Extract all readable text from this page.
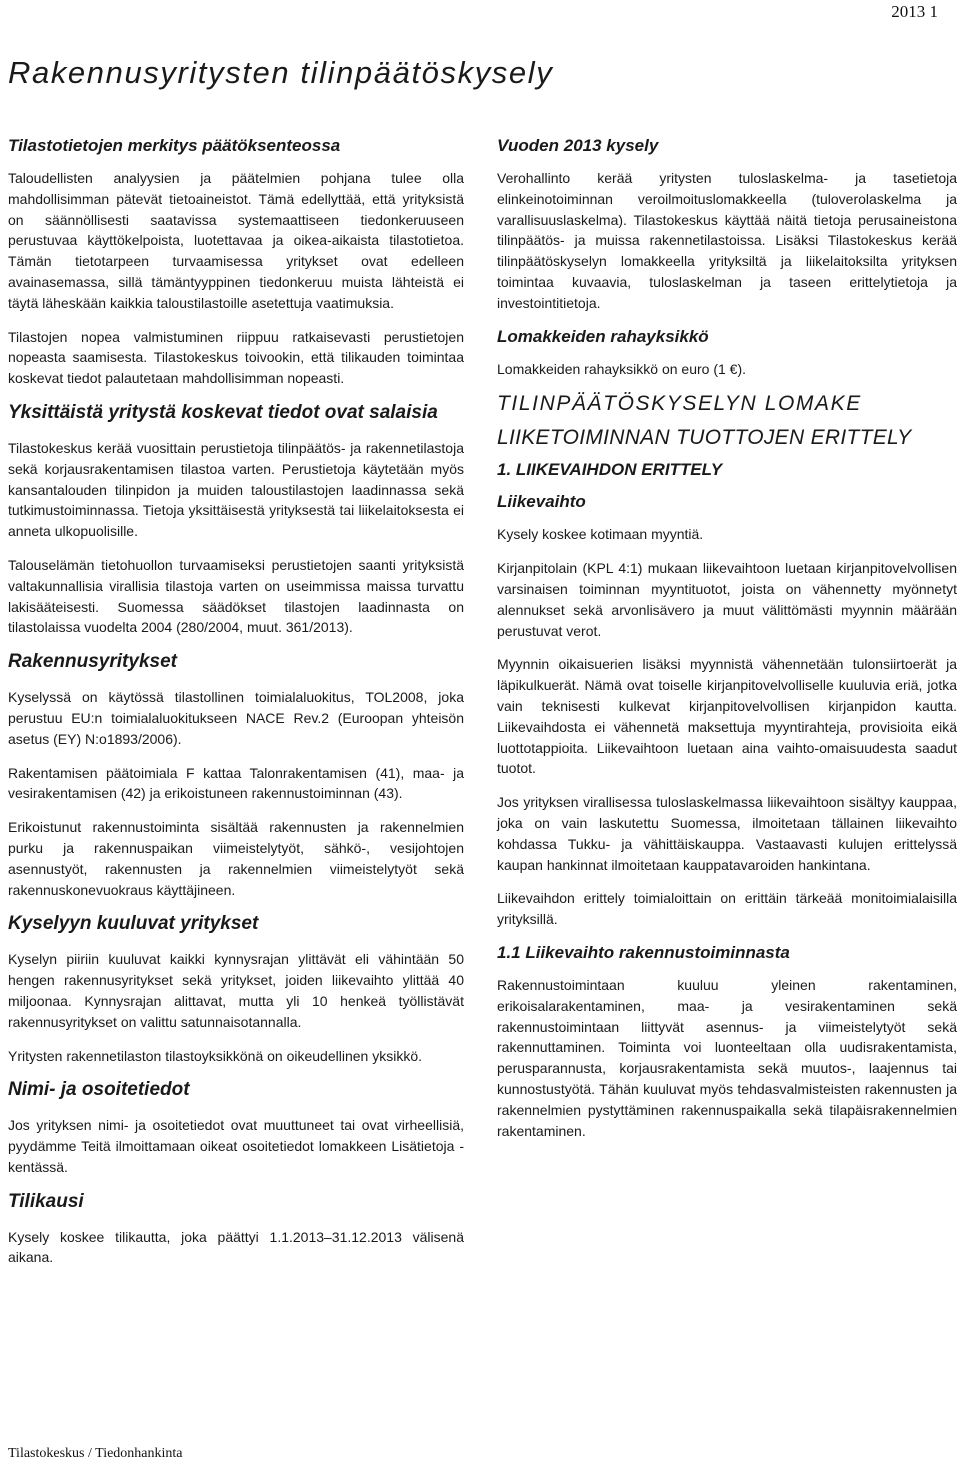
2013 1
Rakennusyritysten tilinpäätöskysely
Tilastotietojen merkitys päätöksenteossa

Taloudellisten analyysien ja päätelmien pohjana tulee olla mahdollisimman pätevät tietoaineistot. Tämä edellyttää, että yrityksistä on säännöllisesti saatavissa systemaattiseen tiedonkeruuseen perustuvaa käyttökelpoista, luotettavaa ja oikea-aikaista tilastotietoa. Tämän tietotarpeen turvaamisessa yritykset ovat edelleen avainasemassa, sillä tämäntyyppinen tiedonkeruu muista lähteistä ei täytä läheskään kaikkia taloustilastoille asetettuja vaatimuksia.

Tilastojen nopea valmistuminen riippuu ratkaisevasti perustietojen nopeasta saamisesta. Tilastokeskus toivookin, että tilikauden toimintaa koskevat tiedot palautetaan mahdollisimman nopeasti.

Yksittäistä yritystä koskevat tiedot ovat salaisia

Tilastokeskus kerää vuosittain perustietoja tilinpäätös- ja rakennetilastoja sekä korjausrakentamisen tilastoa varten. Perustietoja käytetään myös kansantalouden tilinpidon ja muiden taloustilastojen laadinnassa sekä tutkimustoiminnassa. Tietoja yksittäisestä yrityksestä tai liikelaitoksesta ei anneta ulkopuolisille.

Talouselämän tietohuollon turvaamiseksi perustietojen saanti yrityksistä valtakunnallisia virallisia tilastoja varten on useimmissa maissa turvattu lakisääteisesti. Suomessa säädökset tilastojen laadinnasta on tilastolaissa vuodelta 2004 (280/2004, muut. 361/2013).

Rakennusyritykset

Kyselyssä on käytössä tilastollinen toimialaluokitus, TOL2008, joka perustuu EU:n toimialaluokitukseen NACE Rev.2 (Euroopan yhteisön asetus (EY) N:o1893/2006).

Rakentamisen päätoimiala F kattaa Talonrakentamisen (41), maa- ja vesirakentamisen (42) ja erikoistuneen rakennustoiminnan (43).

Erikoistunut rakennustoiminta sisältää rakennusten ja rakennelmien purku ja rakennuspaikan viimeistelytyöt, sähkö-, vesijohtojen asennustyöt, rakennusten ja rakennelmien viimeistelytyöt sekä rakennuskonevuokraus käyttäjineen.

Kyselyyn kuuluvat yritykset

Kyselyn piiriin kuuluvat kaikki kynnysrajan ylittävät eli vähintään 50 hengen rakennusyritykset sekä yritykset, joiden liikevaihto ylittää 40 miljoonaa. Kynnysrajan alittavat, mutta yli 10 henkeä työllistävät rakennusyritykset on valittu satunnaisotannalla.

Yritysten rakennetilaston tilastoyksikkönä on oikeudellinen yksikkö.

Nimi- ja osoitetiedot

Jos yrityksen nimi- ja osoitetiedot ovat muuttuneet tai ovat virheellisiä, pyydämme Teitä ilmoittamaan oikeat osoitetiedot lomakkeen Lisätietoja -kentässä.

Tilikausi

Kysely koskee tilikautta, joka päättyi 1.1.2013–31.12.2013 välisenä aikana.

Vuoden 2013 kysely

Verohallinto kerää yritysten tuloslaskelma- ja tasetietoja elinkeinotoiminnan veroilmoituslomakkeella (tuloverolaskelma ja varallisuuslaskelma). Tilastokeskus käyttää näitä tietoja perusaineistona tilinpäätös- ja muissa rakennetilastoissa. Lisäksi Tilastokeskus kerää tilinpäätöskyselyn lomakkeella yrityksiltä ja liikelaitoksilta yrityksen toimintaa kuvaavia, tuloslaskelman ja taseen erittelytietoja ja investointitietoja.

Lomakkeiden rahayksikkö

Lomakkeiden rahayksikkö on euro (1 €).

TILINPÄÄTÖSKYSELYN LOMAKE
LIIKETOIMINNAN TUOTTOJEN ERITTELY
1. LIIKEVAIHDON ERITTELY
Liikevaihto

Kysely koskee kotimaan myyntiä.

Kirjanpitolain (KPL 4:1) mukaan liikevaihtoon luetaan kirjanpitovelvollisen varsinaisen toiminnan myyntituotot, joista on vähennetty myönnetyt alennukset sekä arvonlisävero ja muut välittömästi myynnin määrään perustuvat verot.

Myynnin oikaisuerien lisäksi myynnistä vähennetään tulonsiirtoerät ja läpikulkuerät. Nämä ovat toiselle kirjanpitovelvolliselle kuuluvia eriä, jotka vain teknisesti kulkevat kirjanpitovelvollisen kirjanpidon kautta. Liikevaihdosta ei vähennetä maksettuja myyntirahteja, provisioita eikä luottotappioita. Liikevaihtoon luetaan aina vaihto-omaisuudesta saadut tuotot.

Jos yrityksen virallisessa tuloslaskelmassa liikevaihtoon sisältyy kauppaa, joka on vain laskutettu Suomessa, ilmoitetaan tällainen liikevaihto kohdassa Tukku- ja vähittäiskauppa. Vastaavasti kulujen erittelyssä kaupan hankinnat ilmoitetaan kauppatavaroiden hankintana.

Liikevaihdon erittely toimialoittain on erittäin tärkeää monitoimialaisilla yrityksillä.

1.1 Liikevaihto rakennustoiminnasta

Rakennustoimintaan kuuluu yleinen rakentaminen, erikoisalarakentaminen, maa- ja vesirakentaminen sekä rakennustoimintaan liittyvät asennus- ja viimeistelytyöt sekä rakennuttaminen. Toiminta voi luonteeltaan olla uudisrakentamista, perusparannusta, korjausrakentamista sekä muutos-, laajennus tai kunnostustyötä. Tähän kuuluvat myös tehdasvalmisteisten rakennusten ja rakennelmien pystyttäminen rakennuspaikalla sekä tilapäisrakennelmien rakentaminen.

Tilastokeskus / Tiedonhankinta
